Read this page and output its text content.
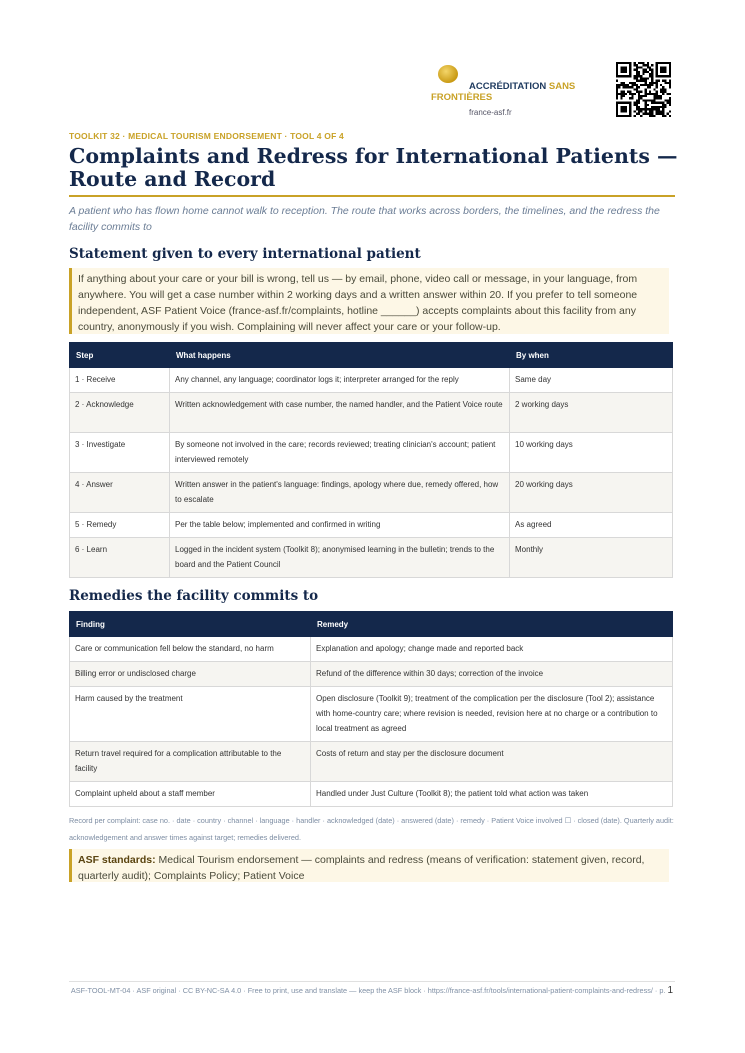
ACCRÉDITATION SANS FRONTIÈRES
france-asf.fr
TOOLKIT 32 · MEDICAL TOURISM ENDORSEMENT · TOOL 4 OF 4
Complaints and Redress for International Patients — Route and Record
A patient who has flown home cannot walk to reception. The route that works across borders, the timelines, and the redress the facility commits to
Statement given to every international patient
If anything about your care or your bill is wrong, tell us — by email, phone, video call or message, in your language, from anywhere. You will get a case number within 2 working days and a written answer within 20. If you prefer to tell someone independent, ASF Patient Voice (france-asf.fr/complaints, hotline ______) accepts complaints about this facility from any country, anonymously if you wish. Complaining will never affect your care or your follow-up.
Step	What happens	By when
1 · Receive	Any channel, any language; coordinator logs it; interpreter arranged for the reply	Same day
2 · Acknowledge	Written acknowledgement with case number, the named handler, and the Patient Voice route	2 working days
3 · Investigate	By someone not involved in the care; records reviewed; treating clinician's account; patient interviewed remotely	10 working days
4 · Answer	Written answer in the patient's language: findings, apology where due, remedy offered, how to escalate	20 working days
5 · Remedy	Per the table below; implemented and confirmed in writing	As agreed
6 · Learn	Logged in the incident system (Toolkit 8); anonymised learning in the bulletin; trends to the board and the Patient Council	Monthly
Remedies the facility commits to
Finding	Remedy
Care or communication fell below the standard, no harm	Explanation and apology; change made and reported back
Billing error or undisclosed charge	Refund of the difference within 30 days; correction of the invoice
Harm caused by the treatment	Open disclosure (Toolkit 9); treatment of the complication per the disclosure (Tool 2); assistance with home-country care; where revision is needed, revision here at no charge or a contribution to local treatment as agreed
Return travel required for a complication attributable to the facility	Costs of return and stay per the disclosure document
Complaint upheld about a staff member	Handled under Just Culture (Toolkit 8); the patient told what action was taken
Record per complaint: case no. · date · country · channel · language · handler · acknowledged (date) · answered (date) · remedy · Patient Voice involved ☐ · closed (date). Quarterly audit: acknowledgement and answer times against target; remedies delivered.
ASF standards: Medical Tourism endorsement — complaints and redress (means of verification: statement given, record, quarterly audit); Complaints Policy; Patient Voice
ASF-TOOL-MT-04 · ASF original · CC BY-NC-SA 4.0 · Free to print, use and translate — keep the ASF block · https://france-asf.fr/tools/international-patient-complaints-and-redress/ · p. 1
